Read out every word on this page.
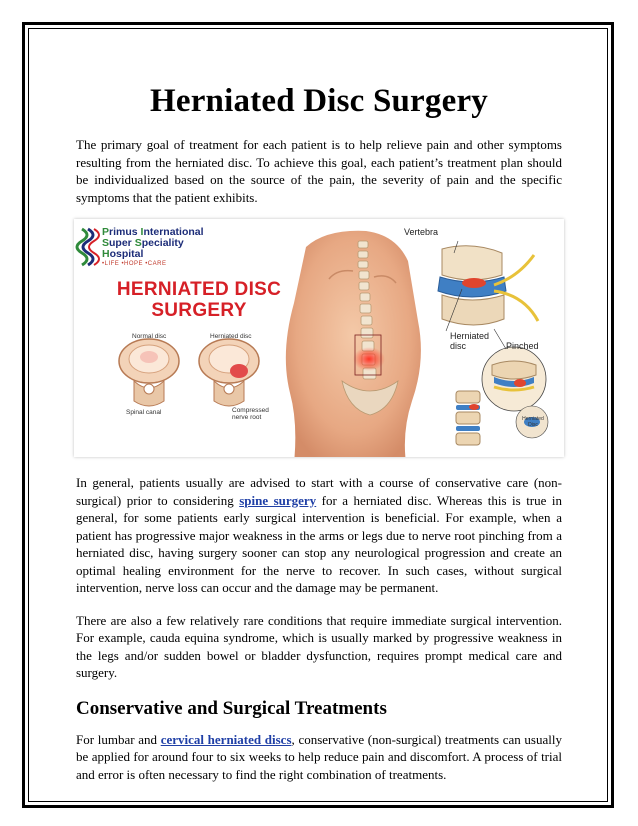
Herniated Disc Surgery

The primary goal of treatment for each patient is to help relieve pain and other symptoms resulting from the herniated disc. To achieve this goal, each patient’s treatment plan should be individualized based on the source of the pain, the severity of pain and the specific symptoms that the patient exhibits.

Primus International
Super Speciality
Hospital
•LIFE •HOPE •CARE
HERNIATED DISC
SURGERY
Normal disc	Herniated disc
Spinal canal	Compressed nerve root
Vertebra
Herniated disc	Pinched
Herniated Disc

In general, patients usually are advised to start with a course of conservative care (non-surgical) prior to considering spine surgery for a herniated disc. Whereas this is true in general, for some patients early surgical intervention is beneficial. For example, when a patient has progressive major weakness in the arms or legs due to nerve root pinching from a herniated disc, having surgery sooner can stop any neurological progression and create an optimal healing environment for the nerve to recover. In such cases, without surgical intervention, nerve loss can occur and the damage may be permanent.

There are also a few relatively rare conditions that require immediate surgical intervention. For example, cauda equina syndrome, which is usually marked by progressive weakness in the legs and/or sudden bowel or bladder dysfunction, requires prompt medical care and surgery.

Conservative and Surgical Treatments

For lumbar and cervical herniated discs, conservative (non-surgical) treatments can usually be applied for around four to six weeks to help reduce pain and discomfort. A process of trial and error is often necessary to find the right combination of treatments.
